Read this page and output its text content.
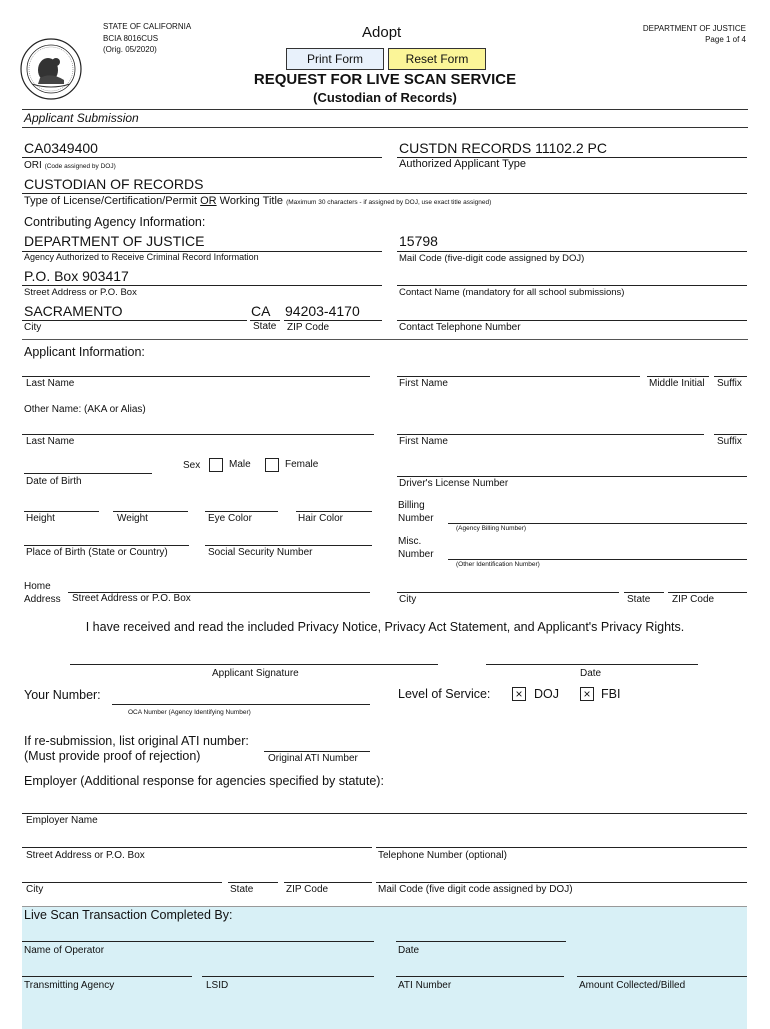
STATE OF CALIFORNIA
BCIA 8016CUS
(Orig. 05/2020)
Adopt	DEPARTMENT OF JUSTICE
Page 1 of 4
Print Form	Reset Form
REQUEST FOR LIVE SCAN SERVICE
(Custodian of Records)
Applicant Submission
CA0349400
ORI (Code assigned by DOJ)
CUSTDN RECORDS 11102.2 PC
Authorized Applicant Type
CUSTODIAN OF RECORDS
Type of License/Certification/Permit OR Working Title (Maximum 30 characters - if assigned by DOJ, use exact title assigned)
Contributing Agency Information:
DEPARTMENT OF JUSTICE
Agency Authorized to Receive Criminal Record Information
15798
Mail Code (five-digit code assigned by DOJ)
P.O. Box 903417
Street Address or P.O. Box	Contact Name (mandatory for all school submissions)
SACRAMENTO
City
CA
State
94203-4170
ZIP Code	Contact Telephone Number
Applicant Information:
Last Name	First Name	Middle Initial Suffix
Other Name: (AKA or Alias)
Last Name	First Name	Suffix
Sex	Male	Female
Date of Birth	Driver's License Number
Height	Weight	Eye Color	Hair Color
Billing Number
(Agency Billing Number)
Place of Birth (State or Country)	Social Security Number
Misc. Number
(Other Identification Number)
Home
Address Street Address or P.O. Box	City	State ZIP Code
I have received and read the included Privacy Notice, Privacy Act Statement, and Applicant's Privacy Rights.
Applicant Signature	Date
Your Number:
OCA Number (Agency Identifying Number)
Level of Service: × DOJ × FBI
If re-submission, list original ATI number:
(Must provide proof of rejection)	Original ATI Number
Employer (Additional response for agencies specified by statute):
Employer Name
Street Address or P.O. Box	Telephone Number (optional)
City	State	ZIP Code	Mail Code (five digit code assigned by DOJ)
Live Scan Transaction Completed By:
Name of Operator	Date
Transmitting Agency	LSID	ATI Number	Amount Collected/Billed
